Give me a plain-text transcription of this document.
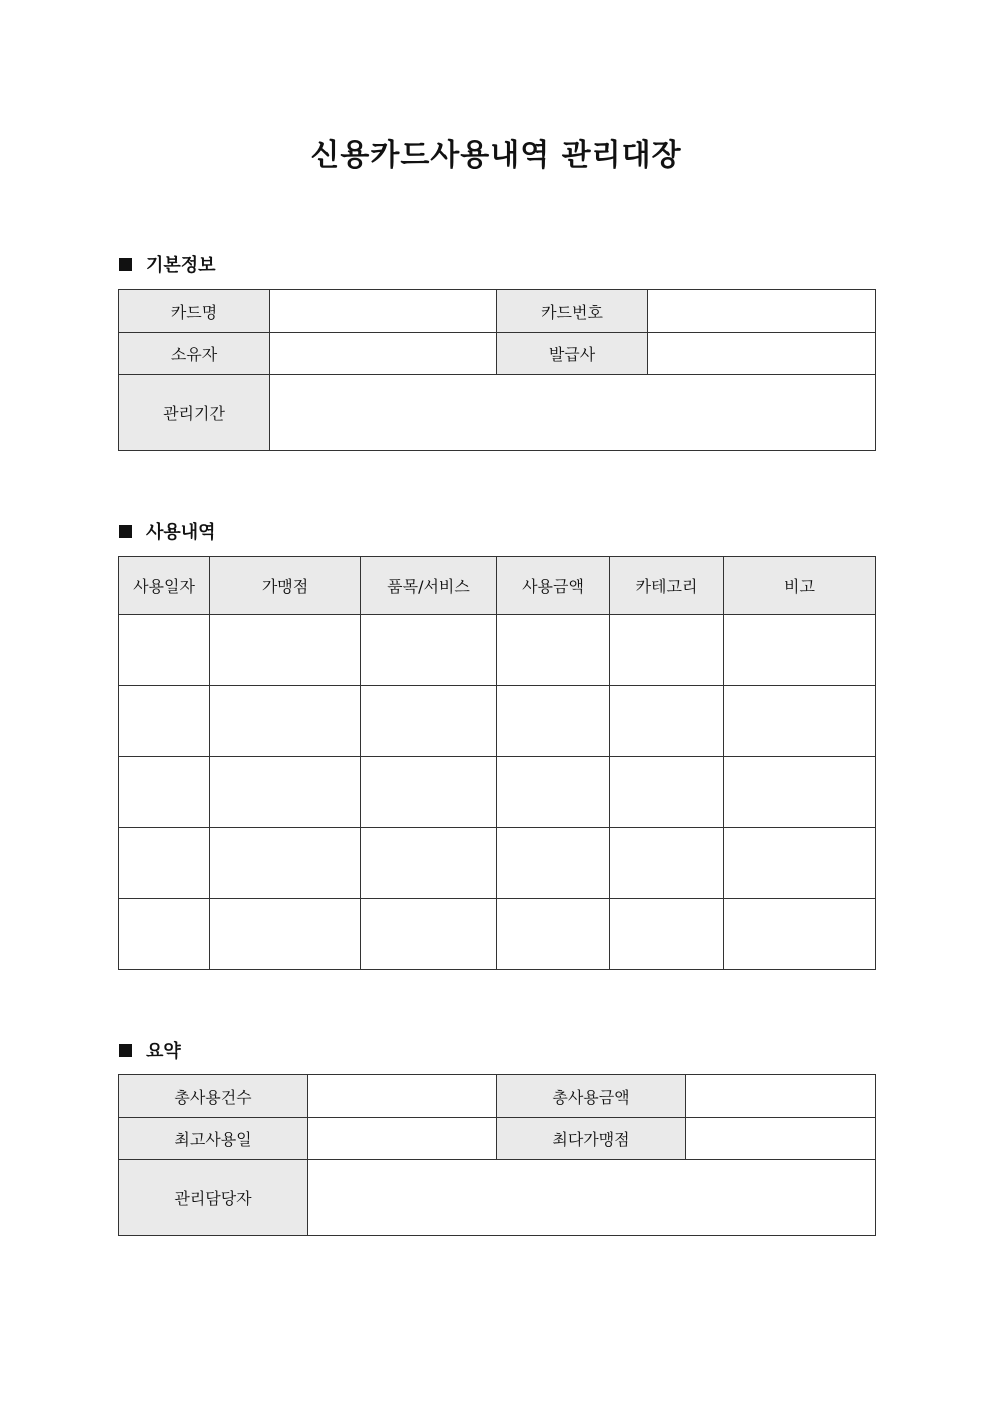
신용카드사용내역 관리대장
기본정보
카드명		카드번호	
소유자		발급사	
관리기간			
사용내역
사용일자	가맹점	품목/서비스	사용금액	카테고리	비고

요약
총사용건수		총사용금액	
최고사용일		최다가맹점	
관리담당자			
